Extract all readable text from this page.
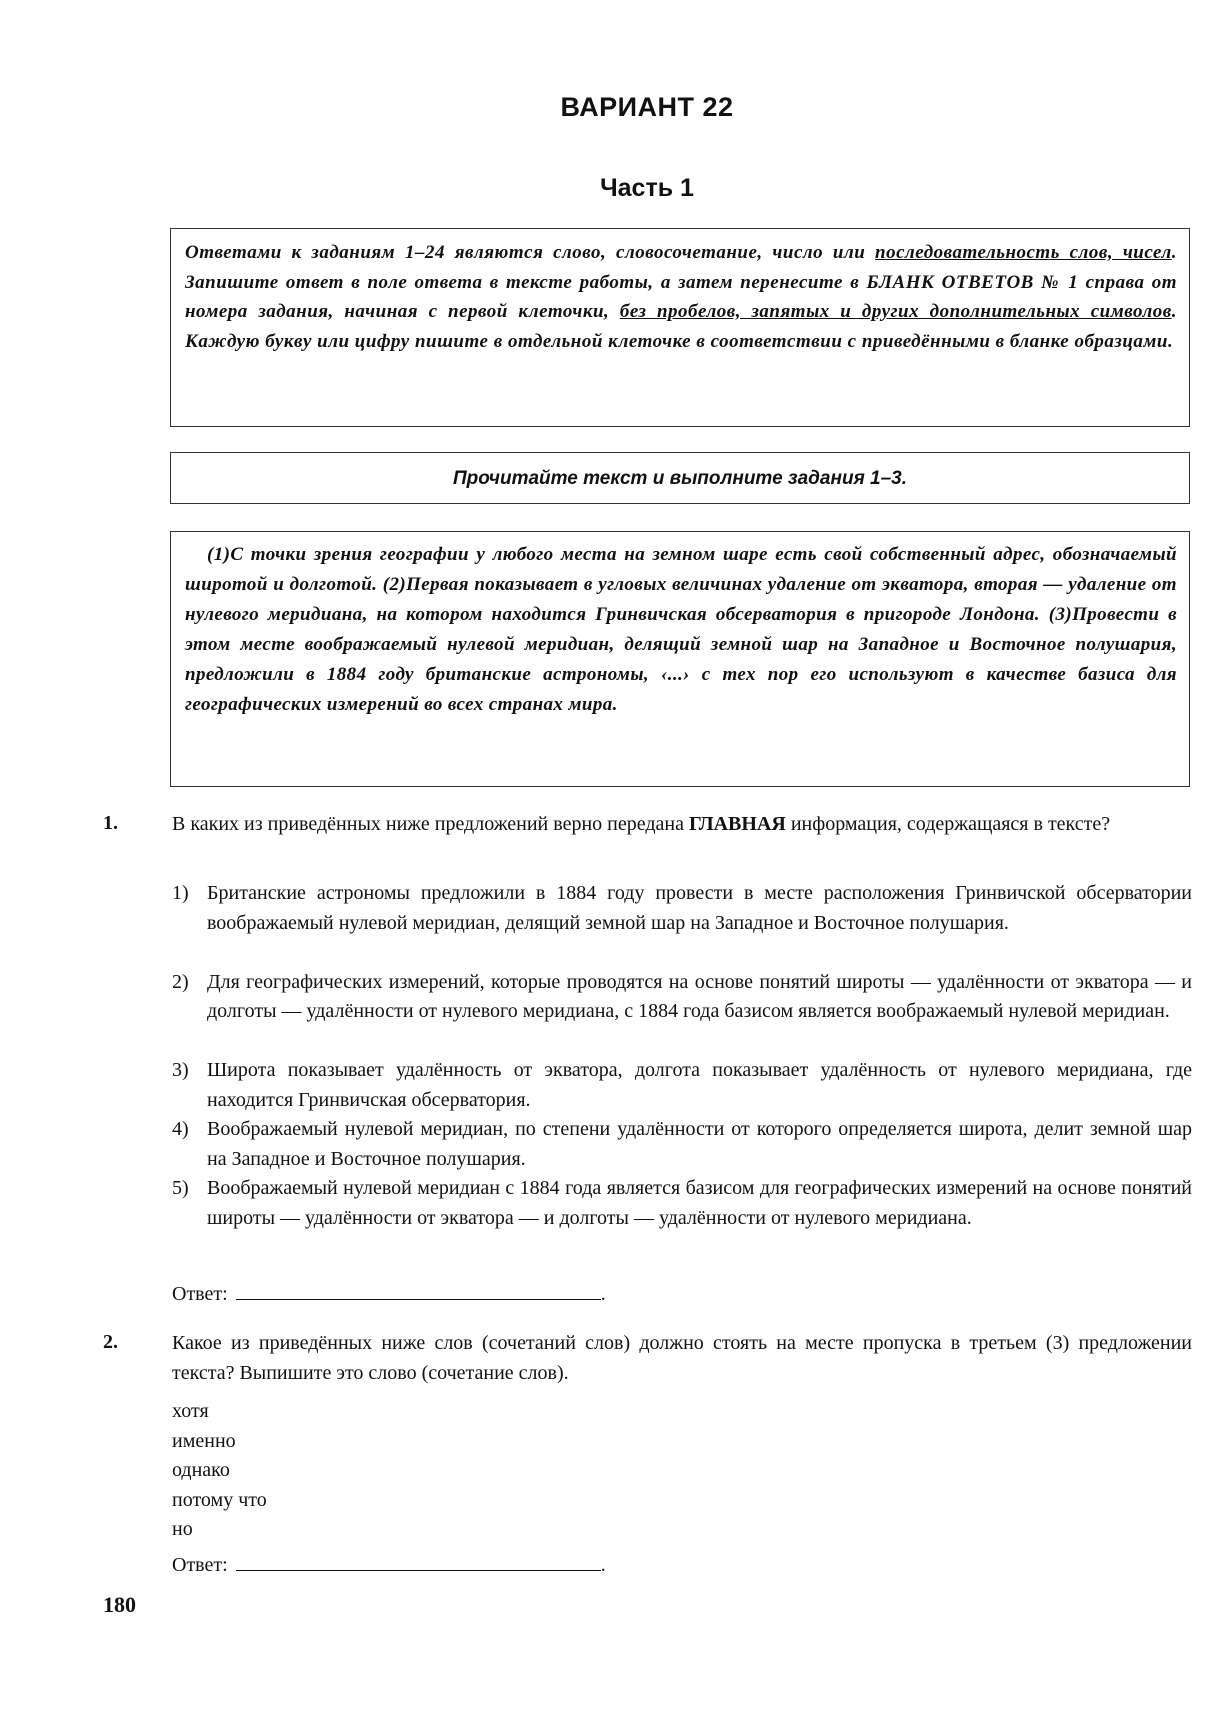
ВАРИАНТ 22
Часть 1
Ответами к заданиям 1–24 являются слово, словосочетание, число или последовательность слов, чисел. Запишите ответ в поле ответа в тексте работы, а затем перенесите в БЛАНК ОТВЕТОВ № 1 справа от номера задания, начиная с первой клеточки, без пробелов, запятых и других дополнительных символов. Каждую букву или цифру пишите в отдельной клеточке в соответствии с приведёнными в бланке образцами.
Прочитайте текст и выполните задания 1–3.

(1)С точки зрения географии у любого места на земном шаре есть свой собственный адрес, обозначаемый широтой и долготой. (2)Первая показывает в угловых величинах удаление от экватора, вторая — удаление от нулевого меридиана, на котором находится Гринвичская обсерватория в пригороде Лондона. (3)Провести в этом месте воображаемый нулевой меридиан, делящий земной шар на Западное и Восточное полушария, предложили в 1884 году британские астрономы, ‹...› с тех пор его используют в качестве базиса для географических измерений во всех странах мира.

1.	В каких из приведённых ниже предложений верно передана ГЛАВНАЯ информация, содержащаяся в тексте?
1) Британские астрономы предложили в 1884 году провести в месте расположения Гринвичской обсерватории воображаемый нулевой меридиан, делящий земной шар на Западное и Восточное полушария.
2) Для географических измерений, которые проводятся на основе понятий широты — удалённости от экватора — и долготы — удалённости от нулевого меридиана, с 1884 года базисом является воображаемый нулевой меридиан.
3) Широта показывает удалённость от экватора, долгота показывает удалённость от нулевого меридиана, где находится Гринвичская обсерватория.
4) Воображаемый нулевой меридиан, по степени удалённости от которого определяется широта, делит земной шар на Западное и Восточное полушария.
5) Воображаемый нулевой меридиан с 1884 года является базисом для географических измерений на основе понятий широты — удалённости от экватора — и долготы — удалённости от нулевого меридиана.
Ответ:	.
2.	Какое из приведённых ниже слов (сочетаний слов) должно стоять на месте пропуска в третьем (3) предложении текста? Выпишите это слово (сочетание слов).
хотя
именно
однако
потому что
но
Ответ:	.
180
